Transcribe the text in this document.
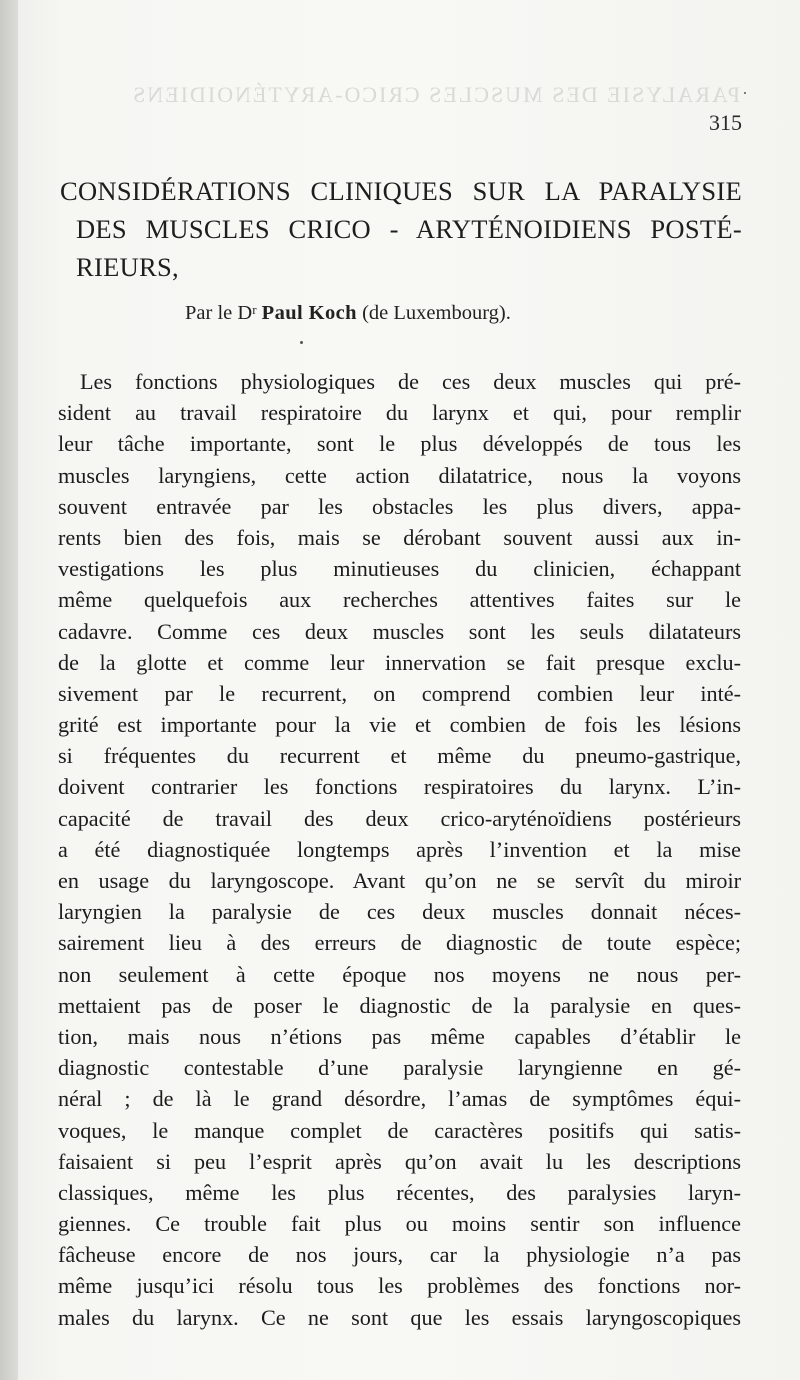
PARALYSIE DES MUSCLES CRICO-ARYTÉNOIDIENS
315
CONSIDÉRATIONS CLINIQUES SUR LA PARALYSIE
DES MUSCLES CRICO - ARYTÉNOIDIENS POSTÉ-
RIEURS,
Par le $D^r$ Paul Koch (de Luxembourg).
Les fonctions physiologiques de ces deux muscles qui pré-
sident au travail respiratoire du larynx et qui, pour remplir
leur tâche importante, sont le plus développés de tous les
muscles laryngiens, cette action dilatatrice, nous la voyons
souvent entravée par les obstacles les plus divers, appa-
rents bien des fois, mais se dérobant souvent aussi aux in-
vestigations les plus minutieuses du clinicien, échappant
même quelquefois aux recherches attentives faites sur le
cadavre. Comme ces deux muscles sont les seuls dilatateurs
de la glotte et comme leur innervation se fait presque exclu-
sivement par le recurrent, on comprend combien leur inté-
grité est importante pour la vie et combien de fois les lésions
si fréquentes du recurrent et même du pneumo-gastrique,
doivent contrarier les fonctions respiratoires du larynx. L’in-
capacité de travail des deux crico-aryténoïdiens postérieurs
a été diagnostiquée longtemps après l’invention et la mise
en usage du laryngoscope. Avant qu’on ne se servît du miroir
laryngien la paralysie de ces deux muscles donnait néces-
sairement lieu à des erreurs de diagnostic de toute espèce;
non seulement à cette époque nos moyens ne nous per-
mettaient pas de poser le diagnostic de la paralysie en ques-
tion, mais nous n’étions pas même capables d’établir le
diagnostic contestable d’une paralysie laryngienne en gé-
néral ; de là le grand désordre, l’amas de symptômes équi-
voques, le manque complet de caractères positifs qui satis-
faisaient si peu l’esprit après qu’on avait lu les descriptions
classiques, même les plus récentes, des paralysies laryn-
giennes. Ce trouble fait plus ou moins sentir son influence
fâcheuse encore de nos jours, car la physiologie n’a pas
même jusqu’ici résolu tous les problèmes des fonctions nor-
males du larynx. Ce ne sont que les essais laryngoscopiques
